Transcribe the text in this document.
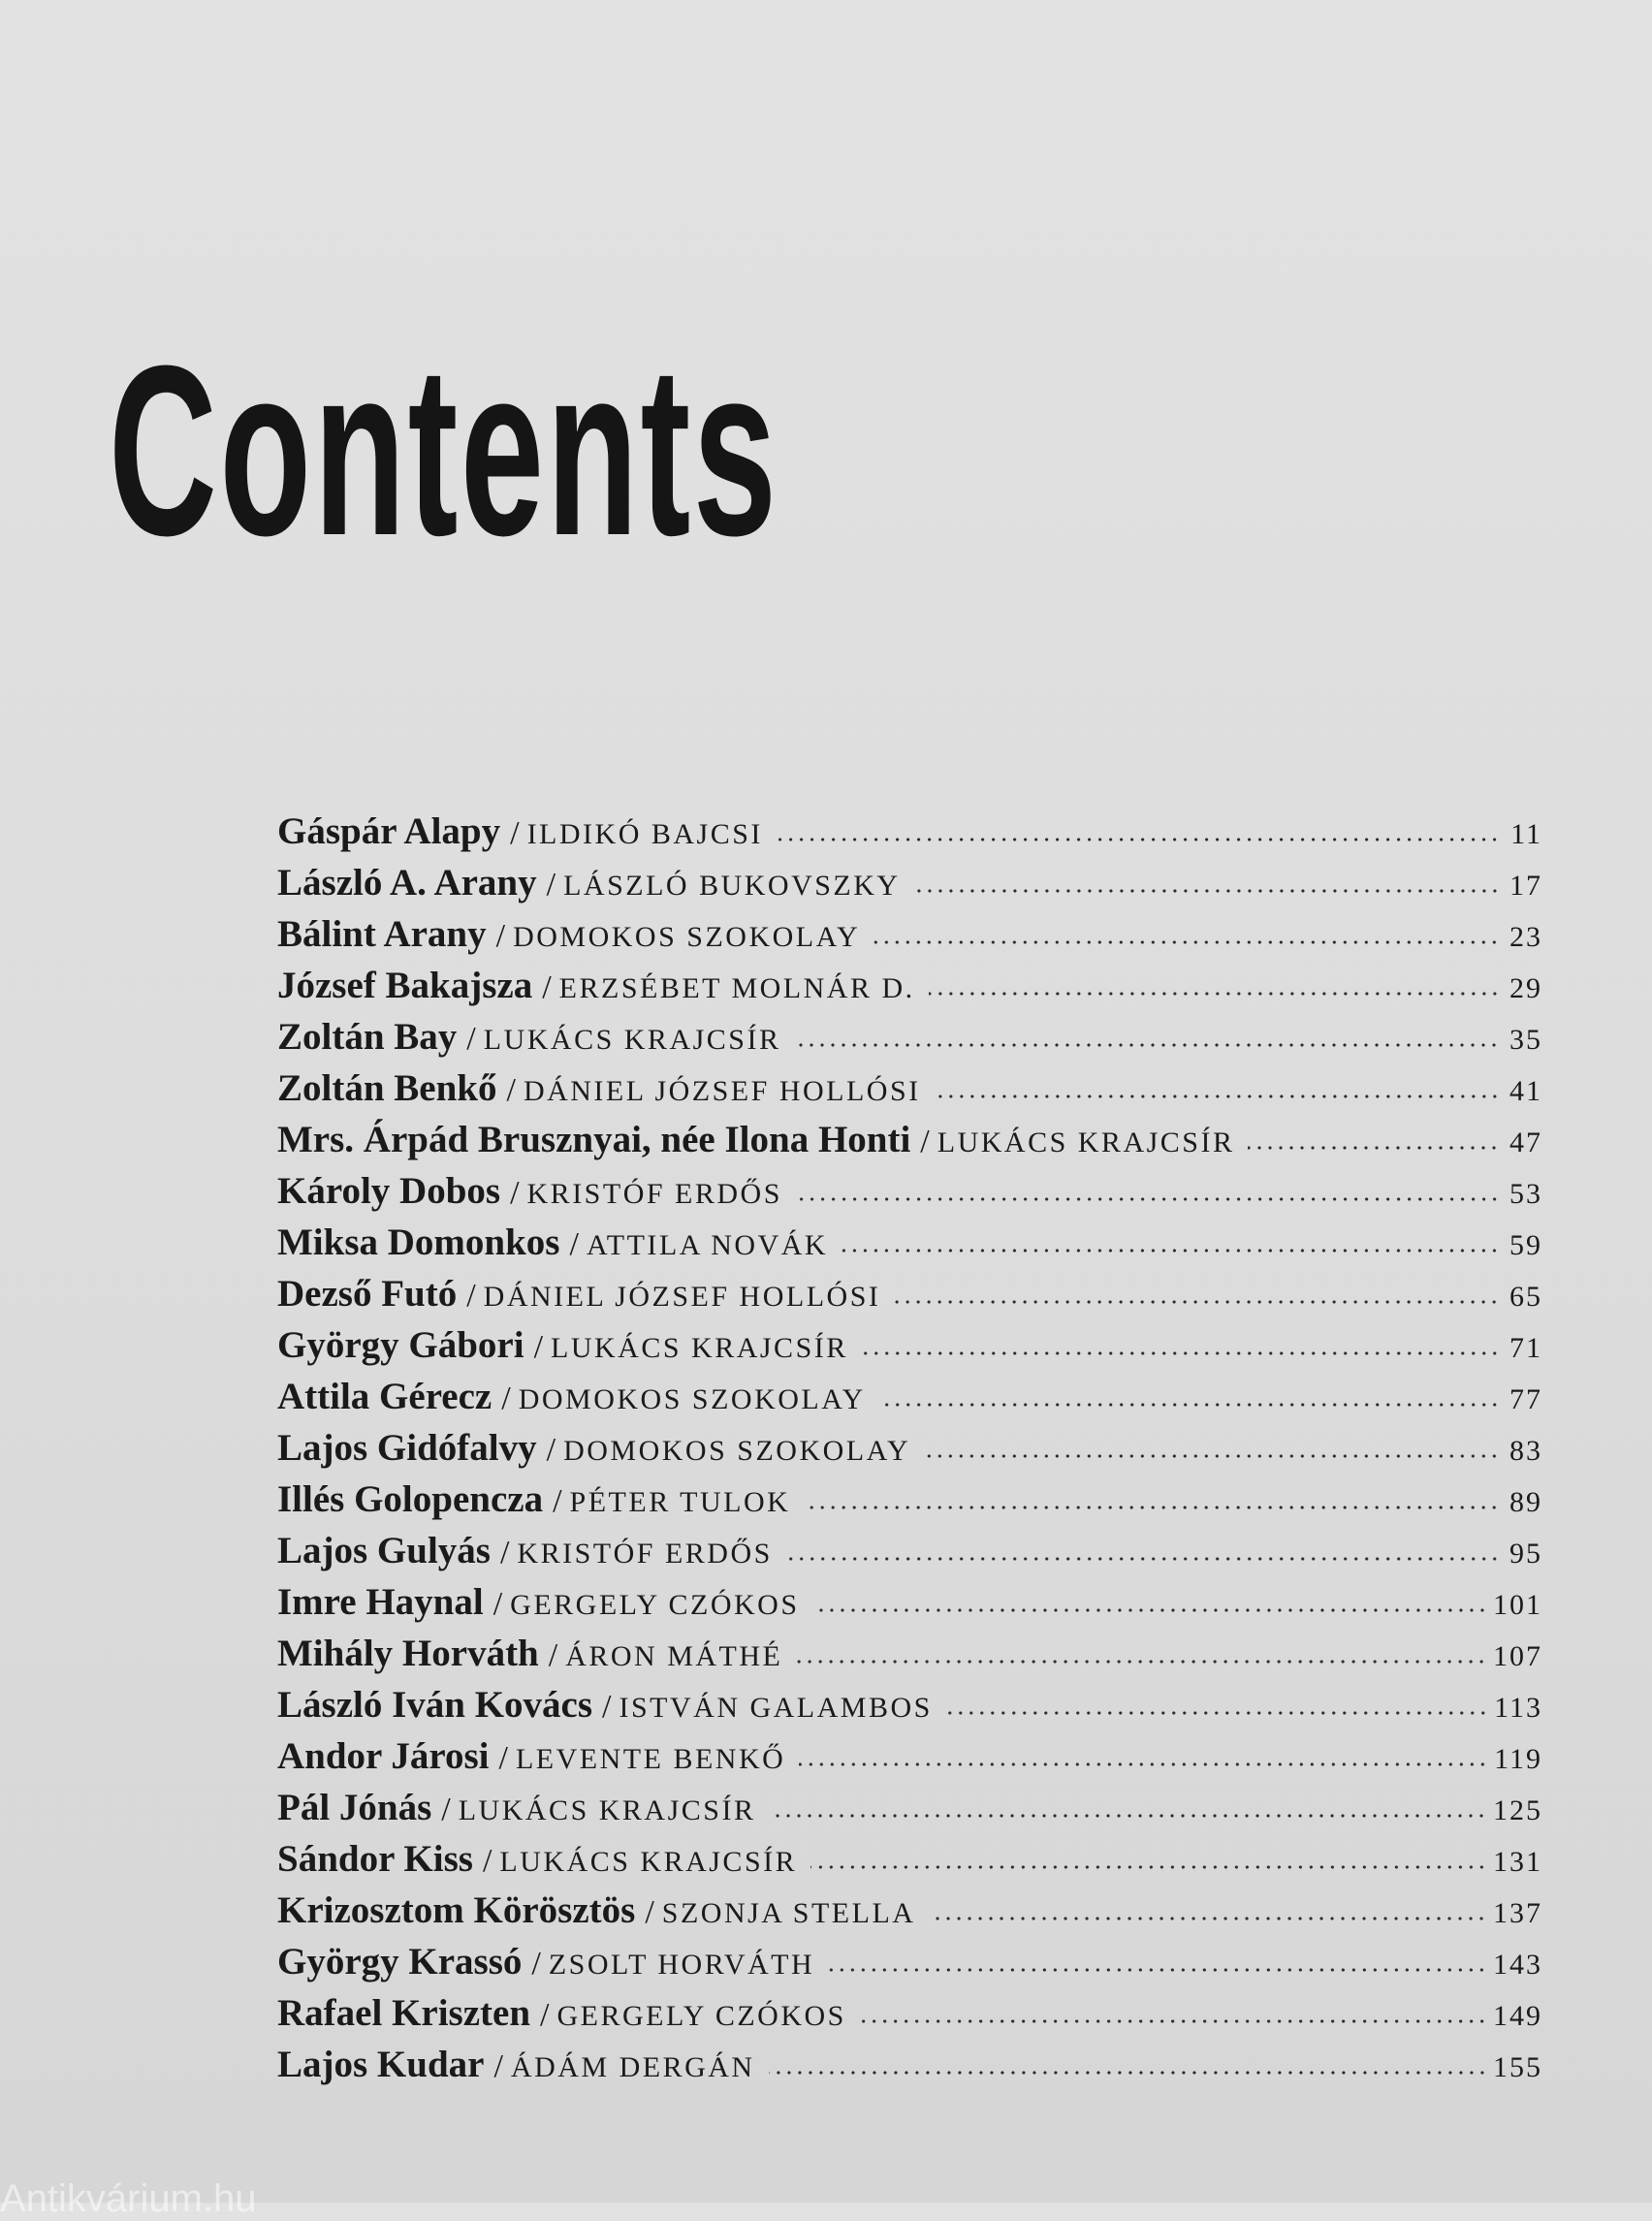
Contents
Gáspár Alapy / ILDIKÓ BAJCSI	11
László A. Arany / LÁSZLÓ BUKOVSZKY	17
Bálint Arany / DOMOKOS SZOKOLAY	23
József Bakajsza / ERZSÉBET MOLNÁR D.	29
Zoltán Bay / LUKÁCS KRAJCSÍR	35
Zoltán Benkő / DÁNIEL JÓZSEF HOLLÓSI	41
Mrs. Árpád Brusznyai, née Ilona Honti / LUKÁCS KRAJCSÍR	47
Károly Dobos / KRISTÓF ERDŐS	53
Miksa Domonkos / ATTILA NOVÁK	59
Dezső Futó / DÁNIEL JÓZSEF HOLLÓSI	65
György Gábori / LUKÁCS KRAJCSÍR	71
Attila Gérecz / DOMOKOS SZOKOLAY	77
Lajos Gidófalvy / DOMOKOS SZOKOLAY	83
Illés Golopencza / PÉTER TULOK	89
Lajos Gulyás / KRISTÓF ERDŐS	95
Imre Haynal / GERGELY CZÓKOS	101
Mihály Horváth / ÁRON MÁTHÉ	107
László Iván Kovács / ISTVÁN GALAMBOS	113
Andor Járosi / LEVENTE BENKŐ	119
Pál Jónás / LUKÁCS KRAJCSÍR	125
Sándor Kiss / LUKÁCS KRAJCSÍR	131
Krizosztom Körösztös / SZONJA STELLA	137
György Krassó / ZSOLT HORVÁTH	143
Rafael Kriszten / GERGELY CZÓKOS	149
Lajos Kudar / ÁDÁM DERGÁN	155
Antikvárium.hu
